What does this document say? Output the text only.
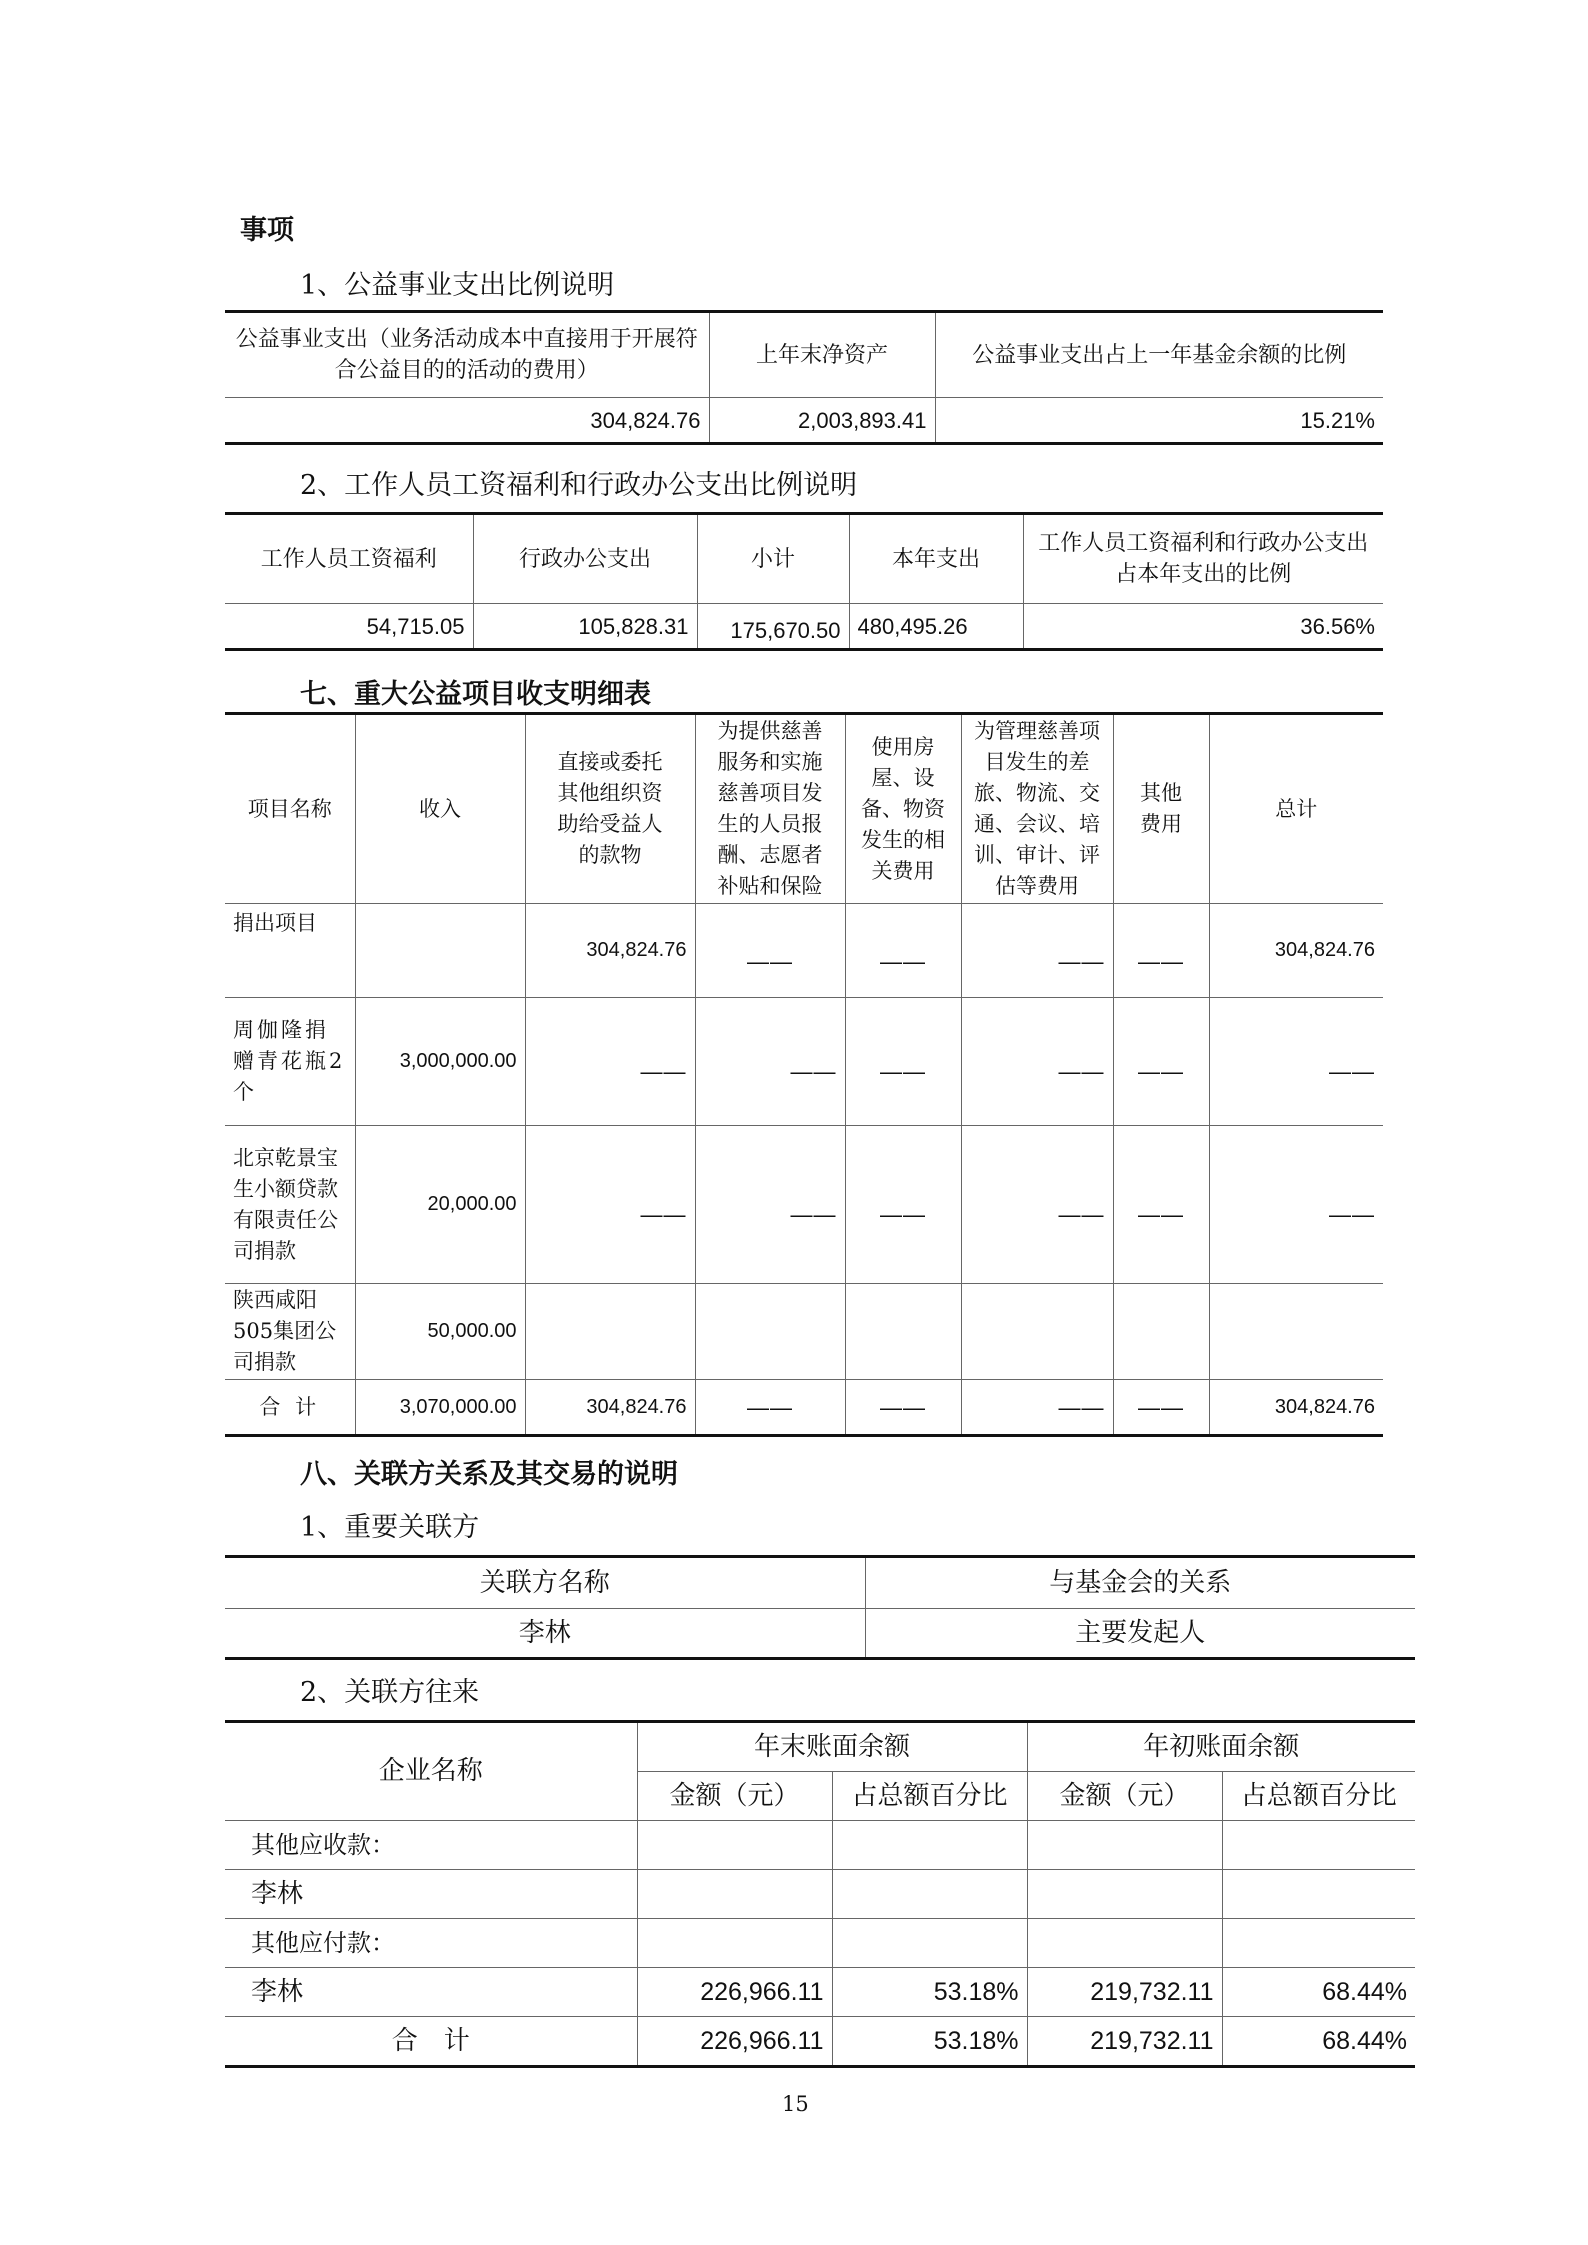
事项
1、公益事业支出比例说明
公益事业支出（业务活动成本中直接用于开展符合公益目的的活动的费用）	上年末净资产	公益事业支出占上一年基金余额的比例
304,824.76	2,003,893.41	15.21%
2、工作人员工资福利和行政办公支出比例说明
工作人员工资福利	行政办公支出	小计	本年支出	工作人员工资福利和行政办公支出占本年支出的比例
54,715.05	105,828.31	175,670.50	480,495.26	36.56%
七、重大公益项目收支明细表
项目名称	收入	直接或委托其他组织资助给受益人的款物	为提供慈善服务和实施慈善项目发生的人员报酬、志愿者补贴和保险	使用房屋、设备、物资发生的相关费用	为管理慈善项目发生的差旅、物流、交通、会议、培训、审计、评估等费用	其他费用	总计
捐出项目		304,824.76	——	——	——	——	304,824.76
周伽隆捐赠青花瓶2个	3,000,000.00	——	——	——	——	——	——
北京乾景宝生小额贷款有限责任公司捐款	20,000.00	——	——	——	——	——	——
陕西咸阳505集团公司捐款	50,000.00						
合 计	3,070,000.00	304,824.76	——	——	——	——	304,824.76
八、关联方关系及其交易的说明
1、重要关联方
关联方名称	与基金会的关系
李林	主要发起人
2、关联方往来
企业名称	年末账面余额		年初账面余额	
	金额（元）	占总额百分比	金额（元）	占总额百分比
其他应收款：				
李林				
其他应付款：				
李林	226,966.11	53.18%	219,732.11	68.44%
合　计	226,966.11	53.18%	219,732.11	68.44%
15
